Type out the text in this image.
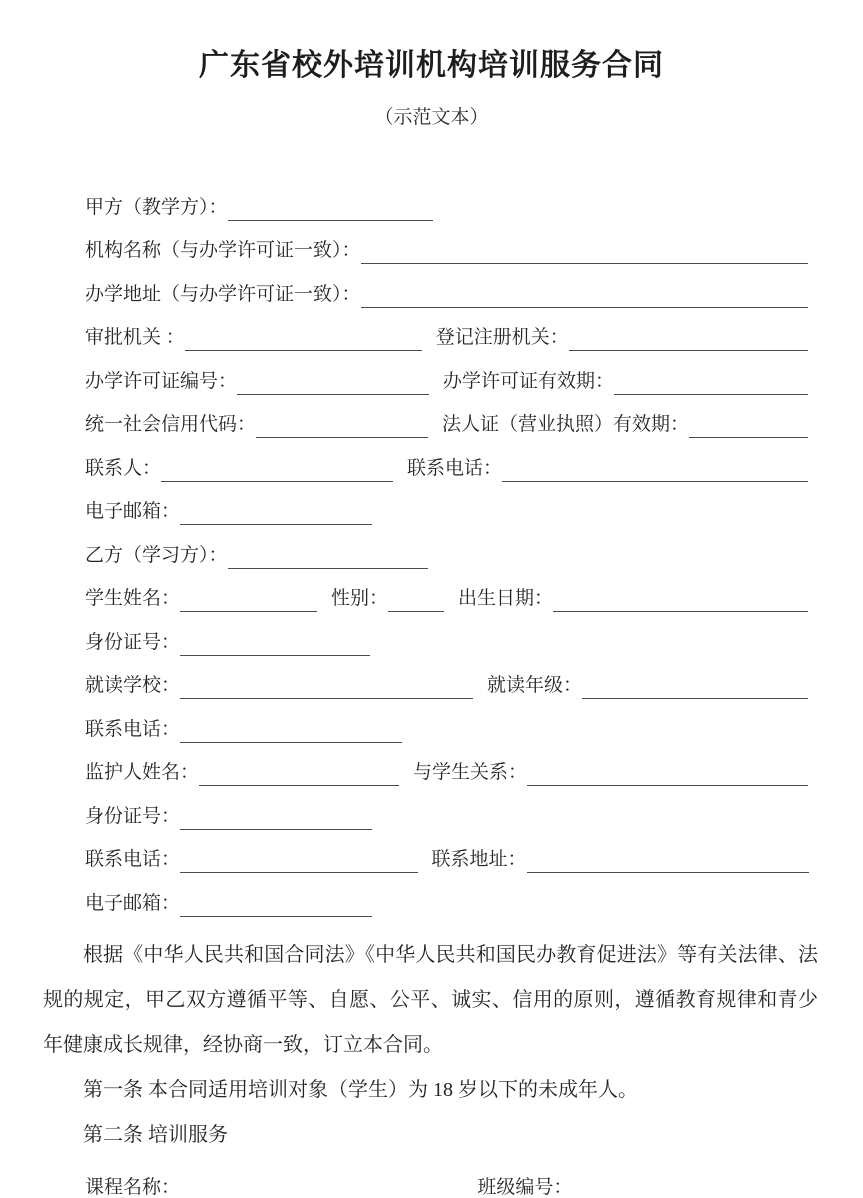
广东省校外培训机构培训服务合同
（示范文本）
甲方（教学方）：
机构名称（与办学许可证一致）：
办学地址（与办学许可证一致）：
审批机关 ：	登记注册机关：
办学许可证编号：	办学许可证有效期：
统一社会信用代码：	法人证（营业执照）有效期：
联系人：	联系电话：
电子邮箱：
乙方（学习方）：
学生姓名：	性别：	出生日期：
身份证号：
就读学校：	就读年级：
联系电话：
监护人姓名：	与学生关系：
身份证号：
联系电话：	联系地址：
电子邮箱：

根据《中华人民共和国合同法》《中华人民共和国民办教育促进法》等有关法律、法规的规定，甲乙双方遵循平等、自愿、公平、诚实、信用的原则，遵循教育规律和青少年健康成长规律，经协商一致，订立本合同。

第一条 本合同适用培训对象（学生）为 18 岁以下的未成年人。

第二条 培训服务

课程名称：	班级编号：
